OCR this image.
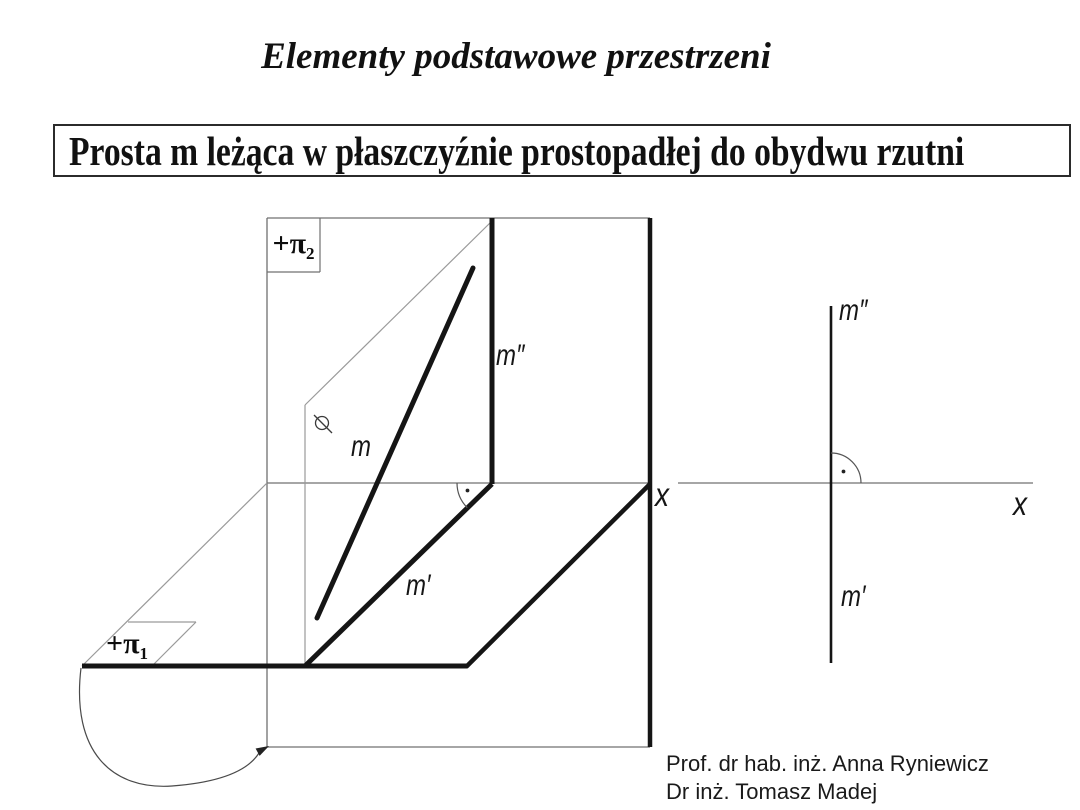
Elementy podstawowe przestrzeni
Prosta m leżąca w płaszczyźnie prostopadłej do obydwu rzutni
$+\pi_2$
$+\pi_1$
m
m″
m′
x
m″
m′
x
Prof. dr hab. inż. Anna Ryniewicz
Dr inż. Tomasz Madej
